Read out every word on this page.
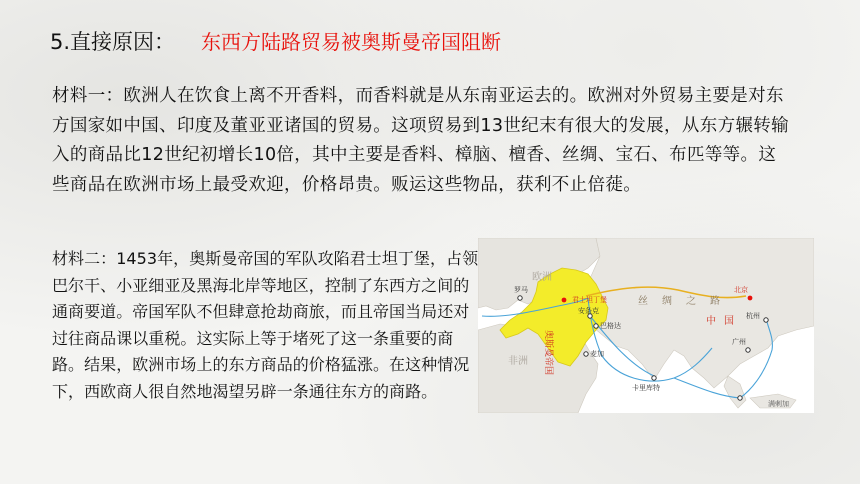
5.直接原因： 东西方陆路贸易被奥斯曼帝国阻断
材料一：欧洲人在饮食上离不开香料，而香料就是从东南亚运去的。欧洲对外贸易主要是对东方国家如中国、印度及董亚亚诸国的贸易。这项贸易到13世纪末有很大的发展，从东方辗转输入的商品比12世纪初增长10倍，其中主要是香料、樟脑、檀香、丝绸、宝石、布匹等等。这些商品在欧洲市场上最受欢迎，价格昂贵。贩运这些物品，获利不止倍蓰。
材料二：1453年，奥斯曼帝国的军队攻陷君士坦丁堡，占领巴尔干、小亚细亚及黑海北岸等地区，控制了东西方之间的通商要道。帝国军队不但肆意抢劫商旅，而且帝国当局还对过往商品课以重税。这实际上等于堵死了这一条重要的商路。结果，欧洲市场上的东方商品的价格猛涨。在这种情况下，西欧商人很自然地渴望另辟一条通往东方的商路。
欧洲
非洲 奥斯曼帝国
丝绸之路
中国
罗马
君士坦丁堡
安条克
巴格达
麦加
卡里库特
北京
杭州
广州
满剌加
